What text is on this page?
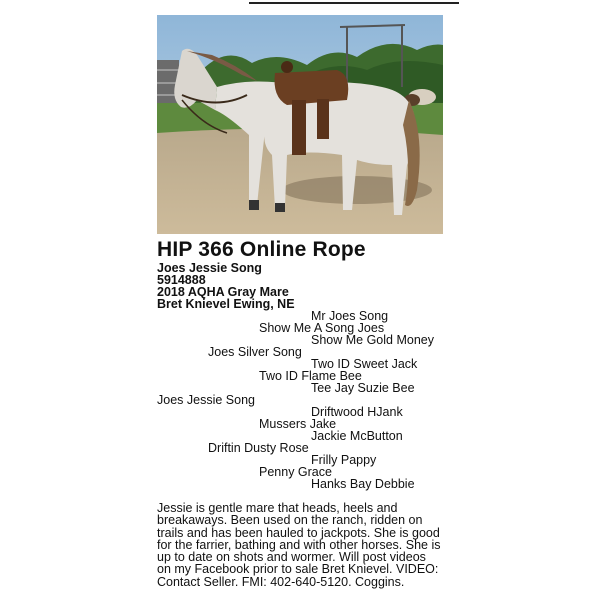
HIP 366 Online Rope
Joes Jessie Song
5914888
2018 AQHA Gray Mare
Bret Knievel Ewing, NE
Mr Joes Song
Show Me A Song Joes
Show Me Gold Money
Joes Silver Song
Two ID Sweet Jack
Two ID Flame Bee
Tee Jay Suzie Bee
Joes Jessie Song
Driftwood HJank
Mussers Jake
Jackie McButton
Driftin Dusty Rose
Frilly Pappy
Penny Grace
Hanks Bay Debbie

Jessie is gentle mare that heads, heels and breakaways. Been used on the ranch, ridden on trails and has been hauled to jackpots. She is good for the farrier, bathing and with other horses. She is up to date on shots and wormer. Will post videos on my Facebook prior to sale Bret Knievel. VIDEO: Contact Seller. FMI: 402-640-5120. Coggins.
